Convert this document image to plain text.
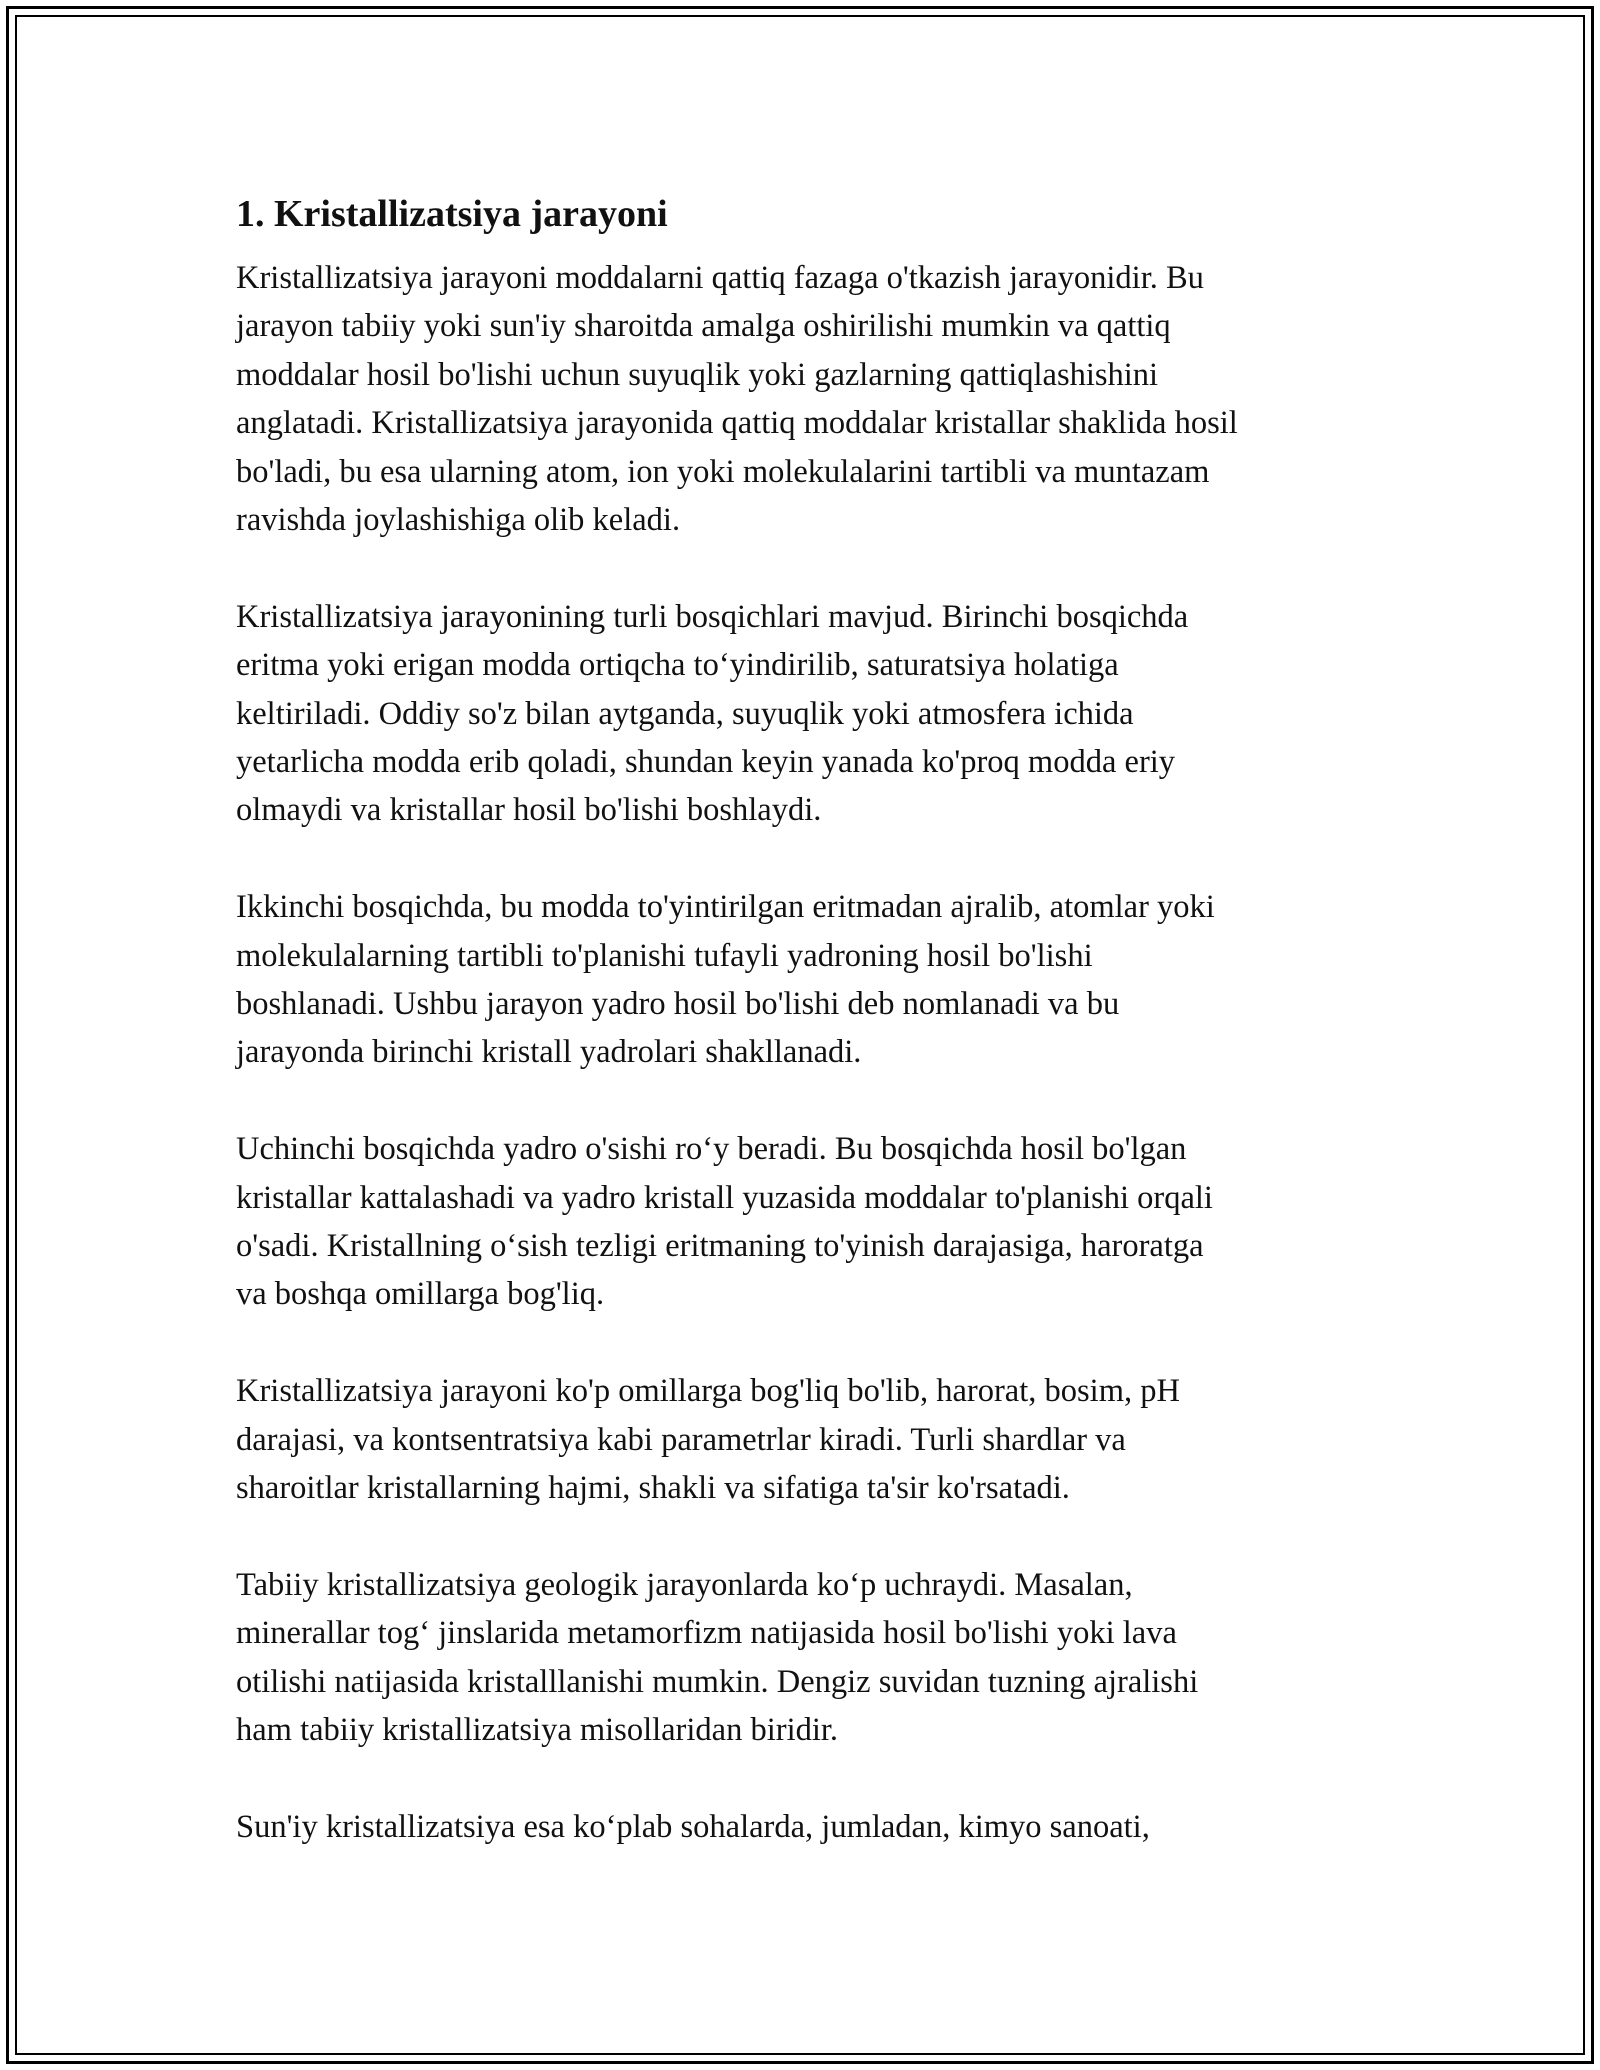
1. Kristallizatsiya jarayoni

Kristallizatsiya jarayoni moddalarni qattiq fazaga o'tkazish jarayonidir. Bu
jarayon tabiiy yoki sun'iy sharoitda amalga oshirilishi mumkin va qattiq
moddalar hosil bo'lishi uchun suyuqlik yoki gazlarning qattiqlashishini
anglatadi. Kristallizatsiya jarayonida qattiq moddalar kristallar shaklida hosil
bo'ladi, bu esa ularning atom, ion yoki molekulalarini tartibli va muntazam
ravishda joylashishiga olib keladi.

Kristallizatsiya jarayonining turli bosqichlari mavjud. Birinchi bosqichda
eritma yoki erigan modda ortiqcha to‘yindirilib, saturatsiya holatiga
keltiriladi. Oddiy so'z bilan aytganda, suyuqlik yoki atmosfera ichida
yetarlicha modda erib qoladi, shundan keyin yanada ko'proq modda eriy
olmaydi va kristallar hosil bo'lishi boshlaydi.

Ikkinchi bosqichda, bu modda to'yintirilgan eritmadan ajralib, atomlar yoki
molekulalarning tartibli to'planishi tufayli yadroning hosil bo'lishi
boshlanadi. Ushbu jarayon yadro hosil bo'lishi deb nomlanadi va bu
jarayonda birinchi kristall yadrolari shakllanadi.

Uchinchi bosqichda yadro o'sishi ro‘y beradi. Bu bosqichda hosil bo'lgan
kristallar kattalashadi va yadro kristall yuzasida moddalar to'planishi orqali
o'sadi. Kristallning o‘sish tezligi eritmaning to'yinish darajasiga, haroratga
va boshqa omillarga bog'liq.

Kristallizatsiya jarayoni ko'p omillarga bog'liq bo'lib, harorat, bosim, pH
darajasi, va kontsentratsiya kabi parametrlar kiradi. Turli shardlar va
sharoitlar kristallarning hajmi, shakli va sifatiga ta'sir ko'rsatadi.

Tabiiy kristallizatsiya geologik jarayonlarda ko‘p uchraydi. Masalan,
minerallar tog‘ jinslarida metamorfizm natijasida hosil bo'lishi yoki lava
otilishi natijasida kristalllanishi mumkin. Dengiz suvidan tuzning ajralishi
ham tabiiy kristallizatsiya misollaridan biridir.

Sun'iy kristallizatsiya esa ko‘plab sohalarda, jumladan, kimyo sanoati,
